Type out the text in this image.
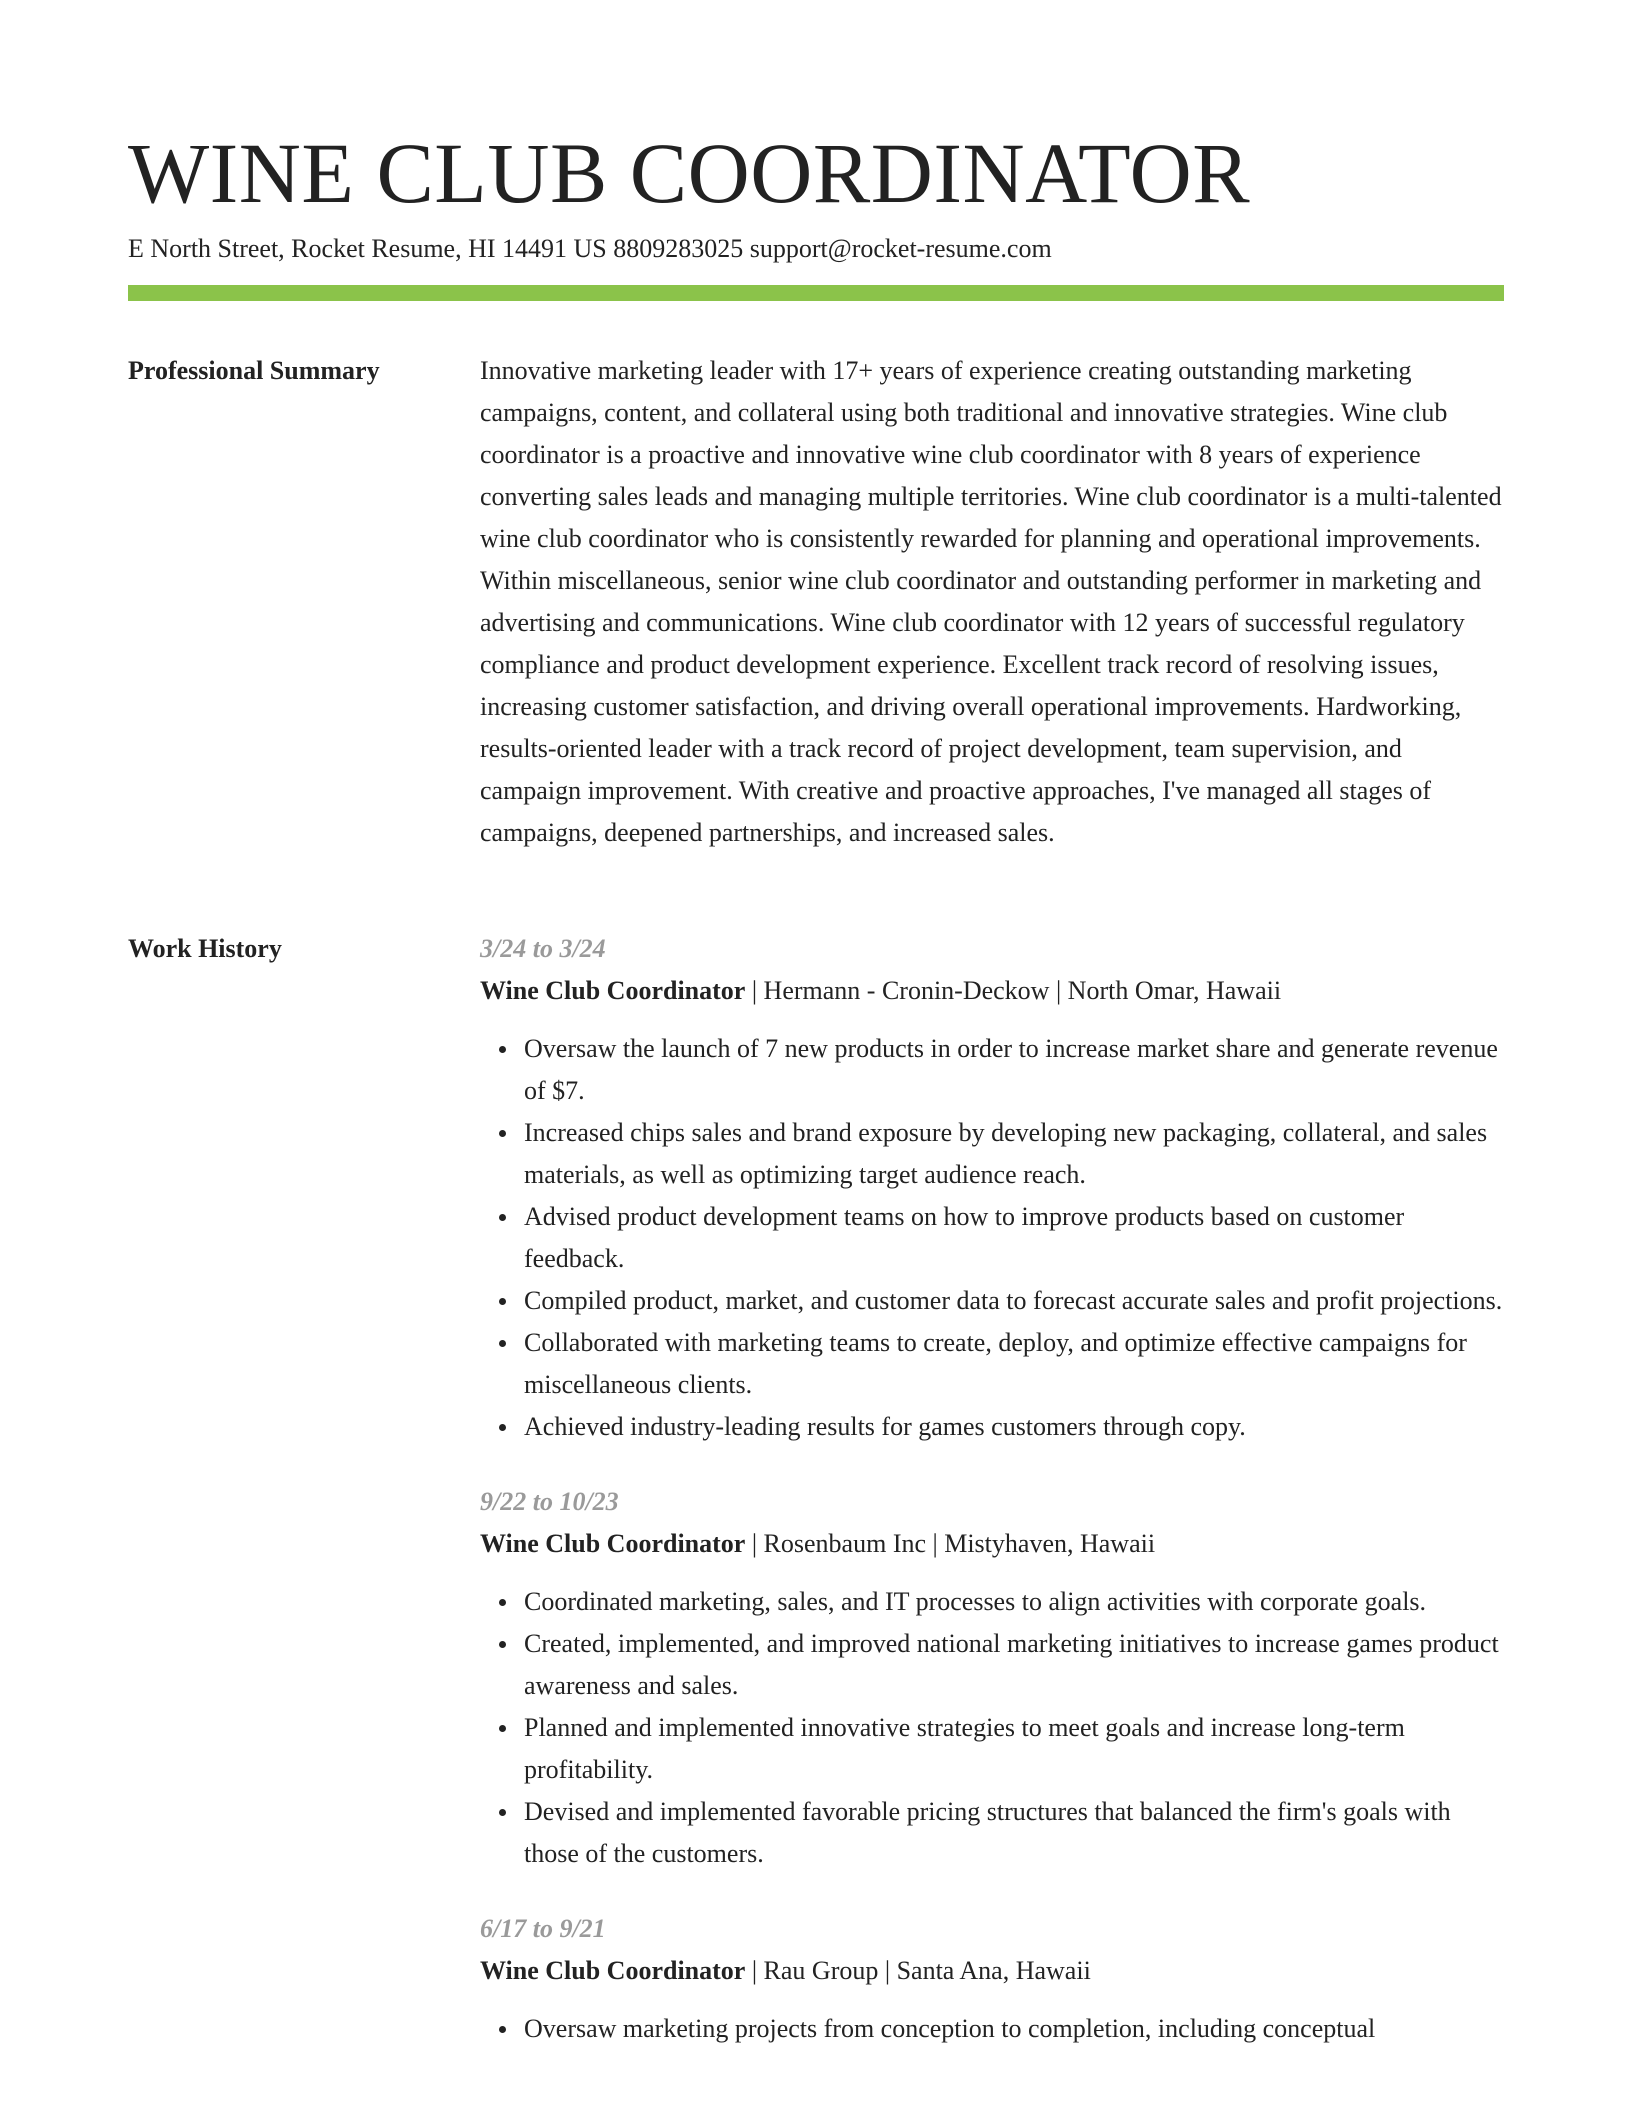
WINE CLUB COORDINATOR
E North Street, Rocket Resume, HI 14491 US 8809283025 support@rocket-resume.com
Professional Summary	Innovative marketing leader with 17+ years of experience creating outstanding marketing campaigns, content, and collateral using both traditional and innovative strategies. Wine club coordinator is a proactive and innovative wine club coordinator with 8 years of experience converting sales leads and managing multiple territories. Wine club coordinator is a multi-talented wine club coordinator who is consistently rewarded for planning and operational improvements. Within miscellaneous, senior wine club coordinator and outstanding performer in marketing and advertising and communications. Wine club coordinator with 12 years of successful regulatory compliance and product development experience. Excellent track record of resolving issues, increasing customer satisfaction, and driving overall operational improvements. Hardworking, results-oriented leader with a track record of project development, team supervision, and campaign improvement. With creative and proactive approaches, I've managed all stages of campaigns, deepened partnerships, and increased sales.

Work History	3/24 to 3/24
Wine Club Coordinator | Hermann - Cronin-Deckow | North Omar, Hawaii
Oversaw the launch of 7 new products in order to increase market share and generate revenue of $7.
Increased chips sales and brand exposure by developing new packaging, collateral, and sales materials, as well as optimizing target audience reach.
Advised product development teams on how to improve products based on customer feedback.
Compiled product, market, and customer data to forecast accurate sales and profit projections.
Collaborated with marketing teams to create, deploy, and optimize effective campaigns for miscellaneous clients.
Achieved industry-leading results for games customers through copy.
9/22 to 10/23
Wine Club Coordinator | Rosenbaum Inc | Mistyhaven, Hawaii
Coordinated marketing, sales, and IT processes to align activities with corporate goals.
Created, implemented, and improved national marketing initiatives to increase games product awareness and sales.
Planned and implemented innovative strategies to meet goals and increase long-term profitability.
Devised and implemented favorable pricing structures that balanced the firm's goals with those of the customers.
6/17 to 9/21
Wine Club Coordinator | Rau Group | Santa Ana, Hawaii
Oversaw marketing projects from conception to completion, including conceptual
